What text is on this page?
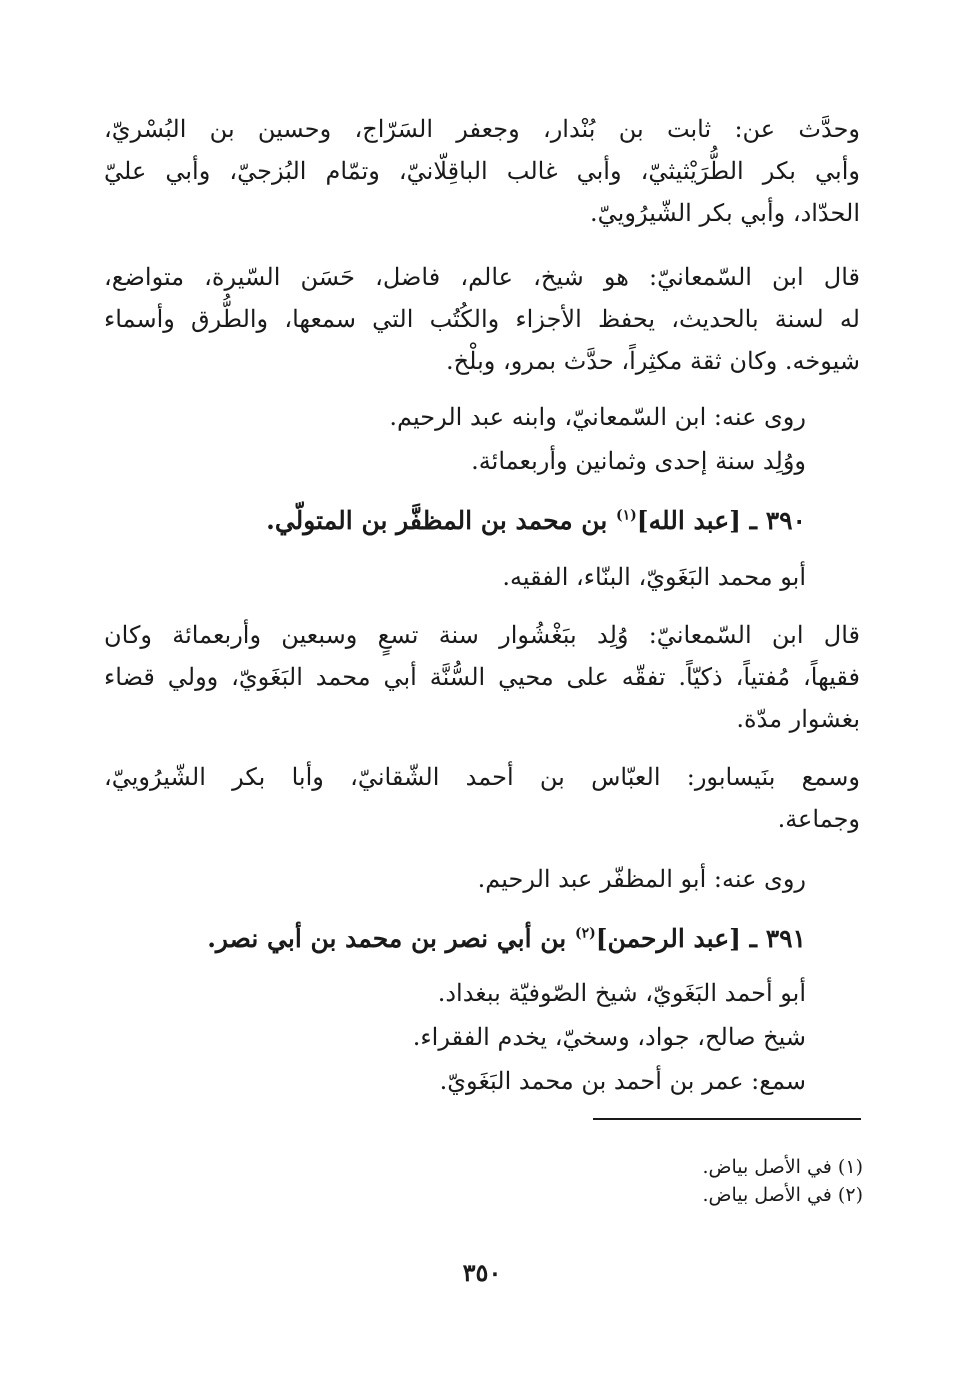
وحدَّث عن: ثابت بن بُنْدار، وجعفر السَرّاج، وحسين بن البُسْريّ،
وأبي بكر الطُّرَيْثيثيّ، وأبي غالب الباقِلّانيّ، وتمّام البُزجيّ، وأبي عليّ
الحدّاد، وأبي بكر الشّيرُوييّ.
قال ابن السّمعانيّ: هو شيخ، عالم، فاضل، حَسَن السّيرة، متواضع،
له لسنة بالحديث، يحفظ الأجزاء والكُتُب التي سمعها، والطُّرق وأسماء
شيوخه. وكان ثقة مكثِراً، حدَّث بمرو، وبلْخ.
روى عنه: ابن السّمعانيّ، وابنه عبد الرحيم.
ووُلِد سنة إحدى وثمانين وأربعمائة.
٣٩٠ ـ [عبد الله]$^{(١)}$ بن محمد بن المظفَّر بن المتولّي.
أبو محمد البَغَويّ، البنّاء، الفقيه.
قال ابن السّمعانيّ: وُلِد ببَغْشُوار سنة تسعٍ وسبعين وأربعمائة وكان
فقيهاً، مُفتياً، ذكيّاً. تفقّه على محيي السُّنَّة أبي محمد البَغَويّ، وولي قضاء
بغشوار مدّة.
وسمع بنَيسابور: العبّاس بن أحمد الشّقانيّ، وأبا بكر الشّيرُوييّ،
وجماعة.
روى عنه: أبو المظفّر عبد الرحيم.
٣٩١ ـ [عبد الرحمن]$^{(٢)}$ بن أبي نصر بن محمد بن أبي نصر.
أبو أحمد البَغَويّ، شيخ الصّوفيّة ببغداد.
شيخ صالح، جواد، وسخيّ، يخدم الفقراء.
سمع: عمر بن أحمد بن محمد البَغَويّ.
(١) في الأصل بياض.
(٢) في الأصل بياض.
٣٥٠
